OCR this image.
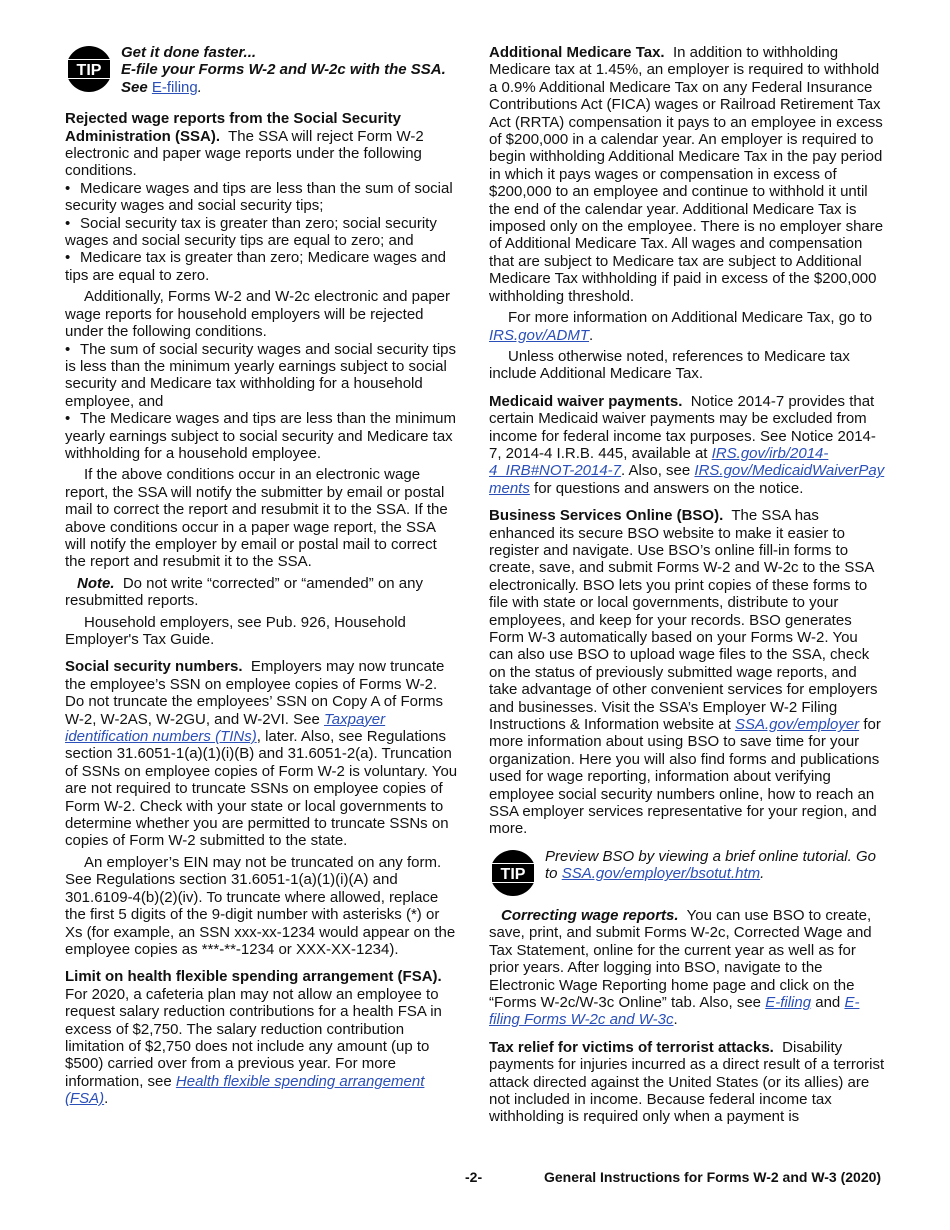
TIP
Get it done faster...
E-file your Forms W-2 and W-2c with the SSA.
See E-filing.

Rejected wage reports from the Social Security Administration (SSA). The SSA will reject Form W-2 electronic and paper wage reports under the following conditions.

• Medicare wages and tips are less than the sum of social security wages and social security tips;

• Social security tax is greater than zero; social security wages and social security tips are equal to zero; and

• Medicare tax is greater than zero; Medicare wages and tips are equal to zero.

Additionally, Forms W-2 and W-2c electronic and paper wage reports for household employers will be rejected under the following conditions.

• The sum of social security wages and social security tips is less than the minimum yearly earnings subject to social security and Medicare tax withholding for a household employee, and

• The Medicare wages and tips are less than the minimum yearly earnings subject to social security and Medicare tax withholding for a household employee.

If the above conditions occur in an electronic wage report, the SSA will notify the submitter by email or postal mail to correct the report and resubmit it to the SSA. If the above conditions occur in a paper wage report, the SSA will notify the employer by email or postal mail to correct the report and resubmit it to the SSA.

Note. Do not write “corrected” or “amended” on any resubmitted reports.

Household employers, see Pub. 926, Household Employer's Tax Guide.

Social security numbers. Employers may now truncate the employee’s SSN on employee copies of Forms W-2. Do not truncate the employees’ SSN on Copy A of Forms W-2, W-2AS, W-2GU, and W-2VI. See Taxpayer identification numbers (TINs), later. Also, see Regulations section 31.6051-1(a)(1)(i)(B) and 31.6051-2(a). Truncation of SSNs on employee copies of Form W-2 is voluntary. You are not required to truncate SSNs on employee copies of Form W-2. Check with your state or local governments to determine whether you are permitted to truncate SSNs on copies of Form W-2 submitted to the state.

An employer’s EIN may not be truncated on any form. See Regulations section 31.6051-1(a)(1)(i)(A) and 301.6109-4(b)(2)(iv). To truncate where allowed, replace the first 5 digits of the 9-digit number with asterisks (*) or Xs (for example, an SSN xxx-xx-1234 would appear on the employee copies as ***-**-1234 or XXX-XX-1234).

Limit on health flexible spending arrangement (FSA). For 2020, a cafeteria plan may not allow an employee to request salary reduction contributions for a health FSA in excess of $2,750. The salary reduction contribution limitation of $2,750 does not include any amount (up to $500) carried over from a previous year. For more information, see Health flexible spending arrangement (FSA).

Additional Medicare Tax. In addition to withholding Medicare tax at 1.45%, an employer is required to withhold a 0.9% Additional Medicare Tax on any Federal Insurance Contributions Act (FICA) wages or Railroad Retirement Tax Act (RRTA) compensation it pays to an employee in excess of $200,000 in a calendar year. An employer is required to begin withholding Additional Medicare Tax in the pay period in which it pays wages or compensation in excess of $200,000 to an employee and continue to withhold it until the end of the calendar year. Additional Medicare Tax is imposed only on the employee. There is no employer share of Additional Medicare Tax. All wages and compensation that are subject to Medicare tax are subject to Additional Medicare Tax withholding if paid in excess of the $200,000 withholding threshold.

For more information on Additional Medicare Tax, go to IRS.gov/ADMT.

Unless otherwise noted, references to Medicare tax include Additional Medicare Tax.

Medicaid waiver payments. Notice 2014-7 provides that certain Medicaid waiver payments may be excluded from income for federal income tax purposes. See Notice 2014-7, 2014-4 I.R.B. 445, available at IRS.gov/irb/2014-4_IRB#NOT-2014-7. Also, see IRS.gov/MedicaidWaiverPayments for questions and answers on the notice.

Business Services Online (BSO). The SSA has enhanced its secure BSO website to make it easier to register and navigate. Use BSO’s online fill-in forms to create, save, and submit Forms W-2 and W-2c to the SSA electronically. BSO lets you print copies of these forms to file with state or local governments, distribute to your employees, and keep for your records. BSO generates Form W-3 automatically based on your Forms W-2. You can also use BSO to upload wage files to the SSA, check on the status of previously submitted wage reports, and take advantage of other convenient services for employers and businesses. Visit the SSA’s Employer W-2 Filing Instructions & Information website at SSA.gov/employer for more information about using BSO to save time for your organization. Here you will also find forms and publications used for wage reporting, information about verifying employee social security numbers online, how to reach an SSA employer services representative for your region, and more.

TIP
Preview BSO by viewing a brief online tutorial. Go to SSA.gov/employer/bsotut.htm.

Correcting wage reports. You can use BSO to create, save, print, and submit Forms W-2c, Corrected Wage and Tax Statement, online for the current year as well as for prior years. After logging into BSO, navigate to the Electronic Wage Reporting home page and click on the “Forms W-2c/W-3c Online” tab. Also, see E-filing and E-filing Forms W-2c and W-3c.

Tax relief for victims of terrorist attacks. Disability payments for injuries incurred as a direct result of a terrorist attack directed against the United States (or its allies) are not included in income. Because federal income tax withholding is required only when a payment is

-2-	General Instructions for Forms W-2 and W-3 (2020)
